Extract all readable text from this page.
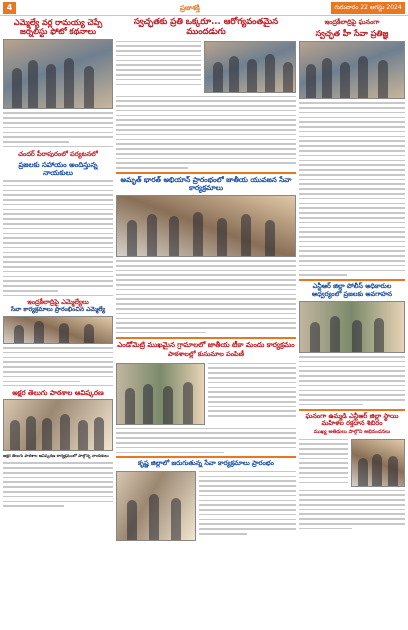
4	ప్రజాశక్తి	గురువారం 22 ఆగస్టు 2024
ఎమ్మెల్యే వర్ల రామయ్య చెప్పే జర్నలిస్టు ఫోటో కథనాలు
చందర్ పీరాపురంలో పర్యటనలో
ప్రజలకు సహాయం అందిస్తున్న నాయకులు
ఇంద్రకీలాద్రిపై ఎమ్మెల్యేలు
సేవా కార్యక్రమాలు ప్రారంభించిన ఎమ్మెల్యే
అక్షర తెలుగు పాఠశాల ఆవిష్కరణ
అక్షర తెలుగు పాఠశాల ఆవిష్కరణ కార్యక్రమంలో పాల్గొన్న నాయకులు
స్వచ్ఛతకు ప్రతి ఒక్కరూ... ఆరోగ్యవంతమైన ముందడుగు
అమృత్ భారత్ అభియాన్ ప్రారంభంలో జాతీయ యువజన సేవా కార్యక్రమాలు
ఎండోమెట్రి ముఖమైన గ్రామాలలో జాతీయ టీకా మందు కార్యక్రమం
పాఠశాలల్లో కుసుమాల పంపిణీ
కృష్ణ జిల్లాలో జరుగుతున్న సేవా కార్యక్రమాలు ప్రారంభం
ఇంద్రకీలాద్రిపై ఘనంగా
స్వచ్ఛత హీ సేవా ప్రతిజ్ఞ
ఎన్టీఆర్ జిల్లా పోలీస్ అధికారుల ఆధ్వర్యంలో ప్రజలకు అవగాహన
ఘనంగా ఉమ్మడి ఎన్టీఆర్ జిల్లా స్థాయి మహిళల రక్తదాన శిబిరం
ముఖ్య అతిథులు పాల్గొని అభినందనలు
